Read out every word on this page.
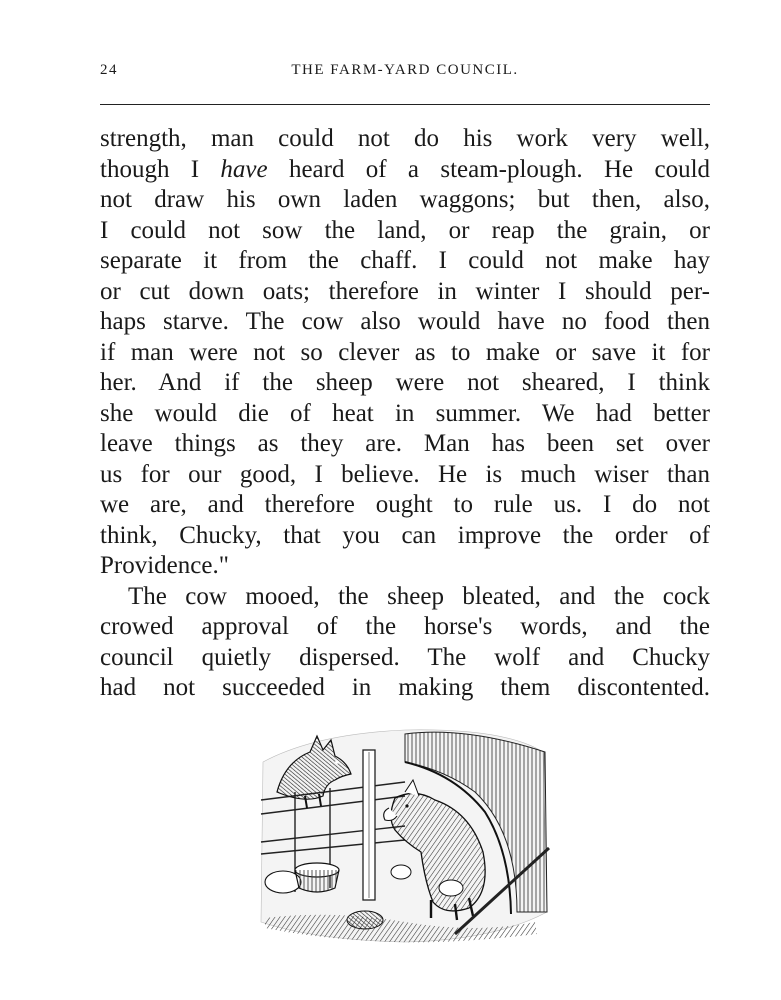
24	THE FARM-YARD COUNCIL.
strength, man could not do his work very well,
though I have heard of a steam-plough. He could
not draw his own laden waggons; but then, also,
I could not sow the land, or reap the grain, or
separate it from the chaff. I could not make hay
or cut down oats; therefore in winter I should per-
haps starve. The cow also would have no food then
if man were not so clever as to make or save it for
her. And if the sheep were not sheared, I think
she would die of heat in summer. We had better
leave things as they are. Man has been set over
us for our good, I believe. He is much wiser than
we are, and therefore ought to rule us. I do not
think, Chucky, that you can improve the order of
Providence."
The cow mooed, the sheep bleated, and the cock
crowed approval of the horse's words, and the
council quietly dispersed. The wolf and Chucky
had not succeeded in making them discontented.
